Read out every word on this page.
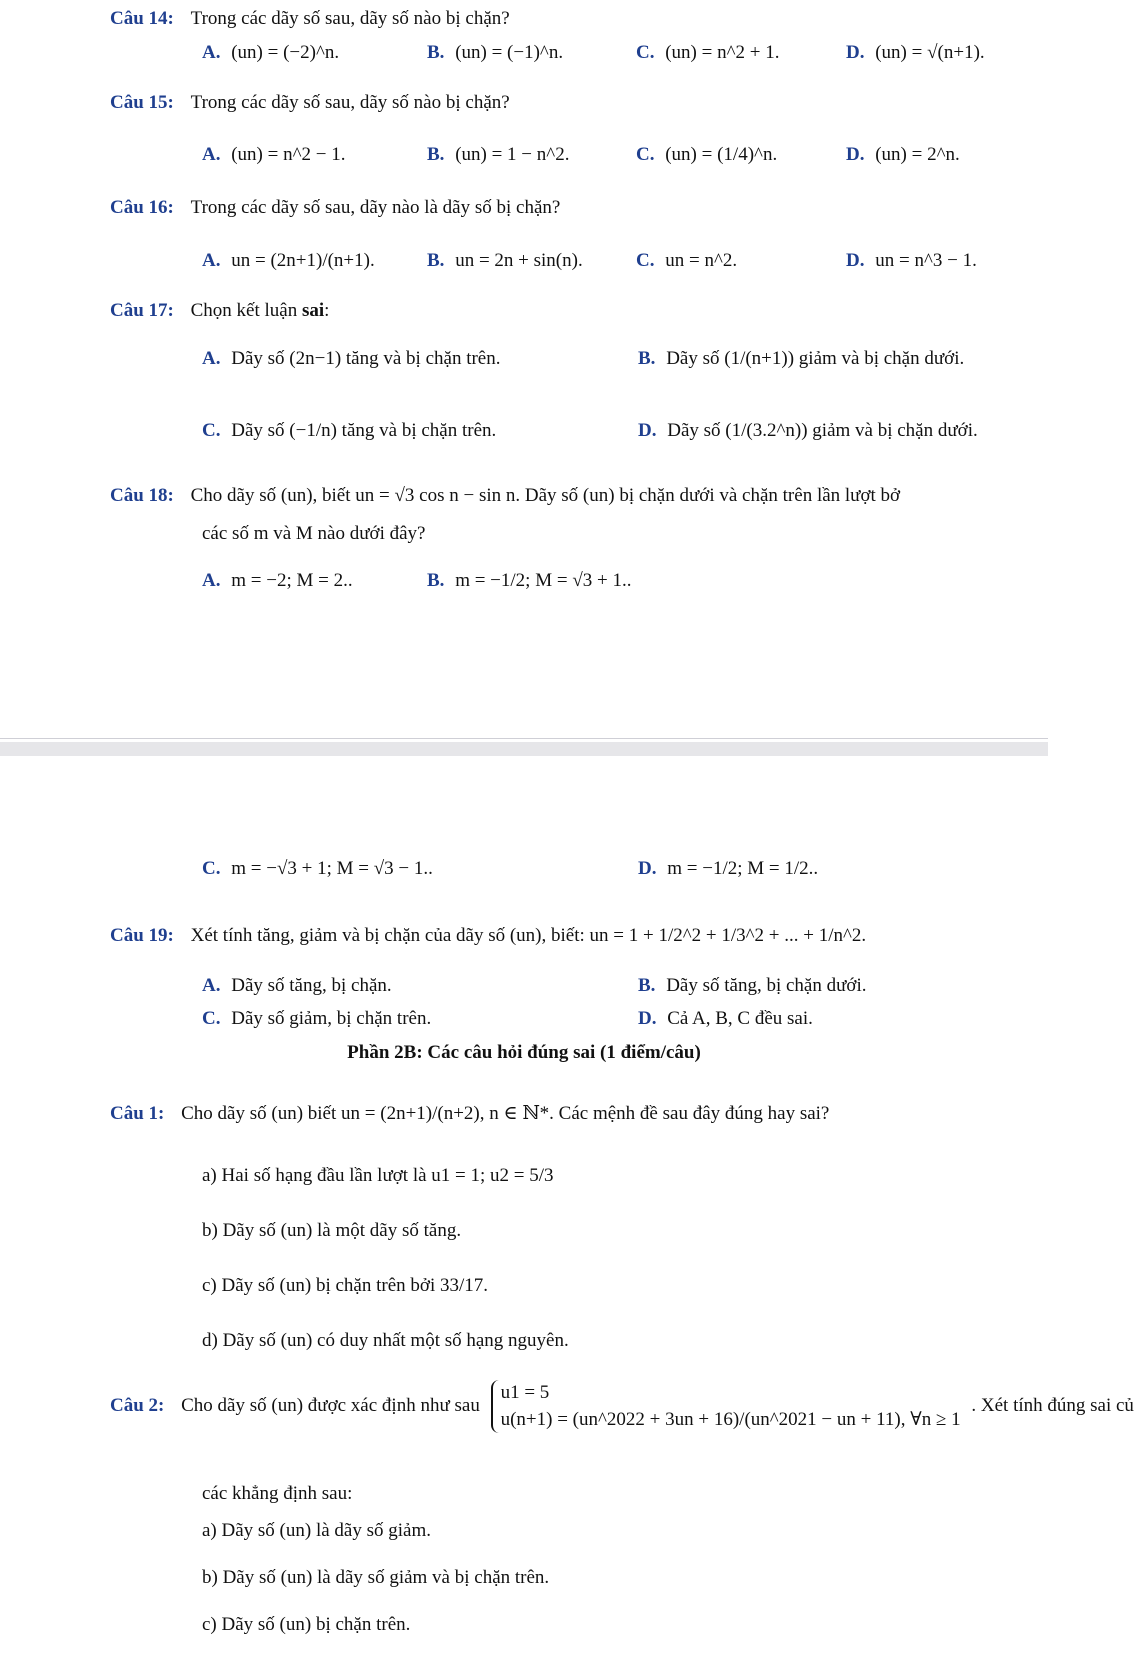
Câu 14: Trong các dãy số sau, dãy số nào bị chặn?
A. (un) = (−2)^n.	B. (un) = (−1)^n.	C. (un) = n^2 + 1.	D. (un) = √(n+1).
Câu 15: Trong các dãy số sau, dãy số nào bị chặn?
A. (un) = n^2 − 1.	B. (un) = 1 − n^2.	C. (un) = (1/4)^n.	D. (un) = 2^n.
Câu 16: Trong các dãy số sau, dãy nào là dãy số bị chặn?
A. un = (2n+1)/(n+1).	B. un = 2n + sin(n).	C. un = n^2.	D. un = n^3 − 1.
Câu 17: Chọn kết luận sai:
A. Dãy số (2n−1) tăng và bị chặn trên.	B. Dãy số (1/(n+1)) giảm và bị chặn dưới.
C. Dãy số (−1/n) tăng và bị chặn trên.	D. Dãy số (1/(3.2^n)) giảm và bị chặn dưới.
Câu 18: Cho dãy số (un), biết un = √3 cos n − sin n. Dãy số (un) bị chặn dưới và chặn trên lần lượt bở
các số m và M nào dưới đây?
A. m = −2; M = 2..	B. m = −1/2; M = √3 + 1..
C. m = −√3 + 1; M = √3 − 1..	D. m = −1/2; M = 1/2..
Câu 19: Xét tính tăng, giảm và bị chặn của dãy số (un), biết: un = 1 + 1/2^2 + 1/3^2 + ... + 1/n^2.
A. Dãy số tăng, bị chặn.	B. Dãy số tăng, bị chặn dưới.
C. Dãy số giảm, bị chặn trên.	D. Cả A, B, C đều sai.
Phần 2B: Các câu hỏi đúng sai (1 điểm/câu)
Câu 1: Cho dãy số (un) biết un = (2n+1)/(n+2), n ∈ ℕ*. Các mệnh đề sau đây đúng hay sai?
a) Hai số hạng đầu lần lượt là u1 = 1; u2 = 5/3
b) Dãy số (un) là một dãy số tăng.
c) Dãy số (un) bị chặn trên bởi 33/17.
d) Dãy số (un) có duy nhất một số hạng nguyên.
Câu 2: Cho dãy số (un) được xác định như sau
u1 = 5
u(n+1) = (un^2022 + 3un + 16)/(un^2021 − un + 11), ∀n ≥ 1
. Xét tính đúng sai củ
các khẳng định sau:
a) Dãy số (un) là dãy số giảm.
b) Dãy số (un) là dãy số giảm và bị chặn trên.
c) Dãy số (un) bị chặn trên.
